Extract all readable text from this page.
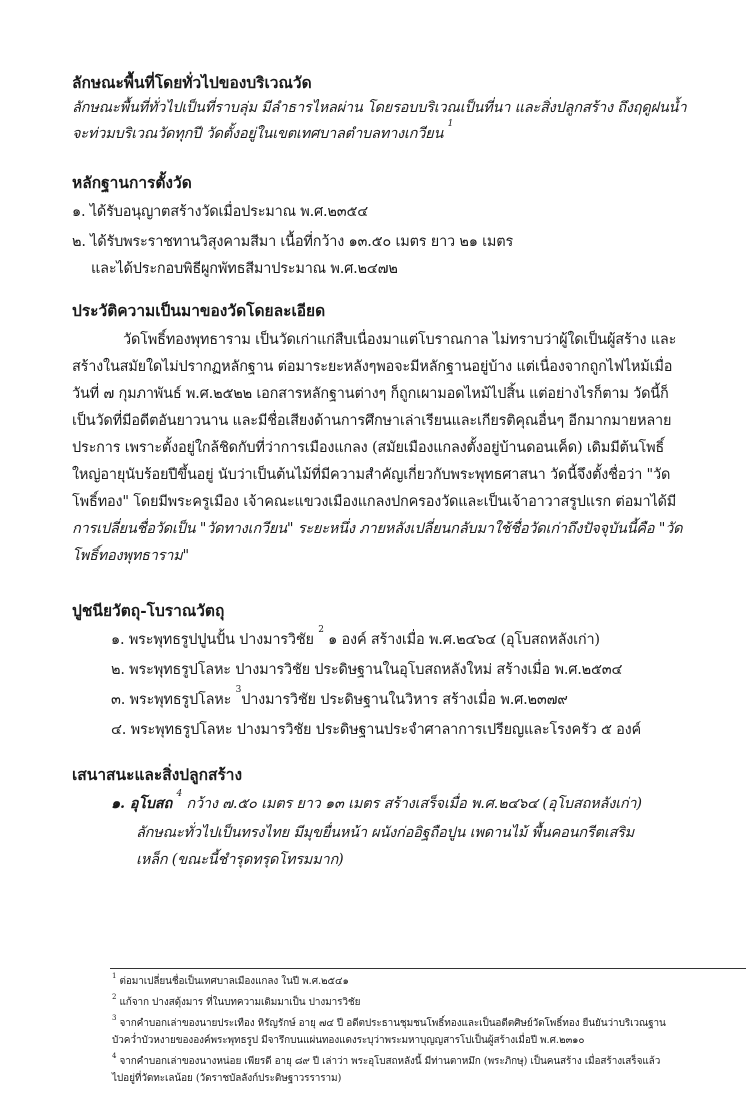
ลักษณะพื้นที่โดยทั่วไปของบริเวณวัด
ลักษณะพื้นที่ทั่วไปเป็นที่ราบลุ่ม มีลำธารไหลผ่าน โดยรอบบริเวณเป็นที่นา และสิ่งปลูกสร้าง ถึงฤดูฝนน้ำ
จะท่วมบริเวณวัดทุกปี วัดตั้งอยู่ในเขตเทศบาลตำบลทางเกวียน $^1$
หลักฐานการตั้งวัด
๑. ได้รับอนุญาตสร้างวัดเมื่อประมาณ พ.ศ.๒๓๕๔
๒. ได้รับพระราชทานวิสุงคามสีมา เนื้อที่กว้าง ๑๓.๕๐ เมตร ยาว ๒๑ เมตร
และได้ประกอบพิธีผูกพัทธสีมาประมาณ พ.ศ.๒๔๗๒
ประวัติความเป็นมาของวัดโดยละเอียด
วัดโพธิ์ทองพุทธาราม เป็นวัดเก่าแก่สืบเนื่องมาแต่โบราณกาล ไม่ทราบว่าผู้ใดเป็นผู้สร้าง และ
สร้างในสมัยใดไม่ปรากฏหลักฐาน ต่อมาระยะหลังๆพอจะมีหลักฐานอยู่บ้าง แต่เนื่องจากถูกไฟไหม้เมื่อ
วันที่ ๗ กุมภาพันธ์ พ.ศ.๒๕๒๒ เอกสารหลักฐานต่างๆ ก็ถูกเผามอดไหม้ไปสิ้น แต่อย่างไรก็ตาม วัดนี้ก็
เป็นวัดที่มีอดีตอันยาวนาน และมีชื่อเสียงด้านการศึกษาเล่าเรียนและเกียรติคุณอื่นๆ อีกมากมายหลาย
ประการ เพราะตั้งอยู่ใกล้ชิดกับที่ว่าการเมืองแกลง (สมัยเมืองแกลงตั้งอยู่บ้านดอนเค็ด) เดิมมีต้นโพธิ์
ใหญ่อายุนับร้อยปีขึ้นอยู่ นับว่าเป็นต้นไม้ที่มีความสำคัญเกี่ยวกับพระพุทธศาสนา วัดนี้จึงตั้งชื่อว่า "วัด
โพธิ์ทอง" โดยมีพระครูเมือง เจ้าคณะแขวงเมืองแกลงปกครองวัดและเป็นเจ้าอาวาสรูปแรก ต่อมาได้มี
การเปลี่ยนชื่อวัดเป็น "วัดทางเกวียน" ระยะหนึ่ง ภายหลังเปลี่ยนกลับมาใช้ชื่อวัดเก่าถึงปัจจุบันนี้คือ "วัด
โพธิ์ทองพุทธาราม"
ปูชนียวัตถุ-โบราณวัตถุ
๑. พระพุทธรูปปูนปั้น ปางมารวิชัย $^2$ ๑ องค์ สร้างเมื่อ พ.ศ.๒๔๖๔ (อุโบสถหลังเก่า)
๒. พระพุทธรูปโลหะ ปางมารวิชัย ประดิษฐานในอุโบสถหลังใหม่ สร้างเมื่อ พ.ศ.๒๕๓๔
๓. พระพุทธรูปโลหะ $^3$ปางมารวิชัย ประดิษฐานในวิหาร สร้างเมื่อ พ.ศ.๒๓๗๙
๔. พระพุทธรูปโลหะ ปางมารวิชัย ประดิษฐานประจำศาลาการเปรียญและโรงครัว ๕ องค์
เสนาสนะและสิ่งปลูกสร้าง
๑. อุโบสถ $^4$ กว้าง ๗.๕๐ เมตร ยาว ๑๓ เมตร สร้างเสร็จเมื่อ พ.ศ.๒๔๖๔ (อุโบสถหลังเก่า)
ลักษณะทั่วไปเป็นทรงไทย มีมุขยื่นหน้า ผนังก่ออิฐถือปูน เพดานไม้ พื้นคอนกรีตเสริม
เหล็ก (ขณะนี้ชำรุดทรุดโทรมมาก)
$^1$ ต่อมาเปลี่ยนชื่อเป็นเทศบาลเมืองแกลง ในปี พ.ศ.๒๕๔๑
$^2$ แก้จาก ปางสดุ้งมาร ที่ในบทความเดิมมาเป็น ปางมารวิชัย
$^3$ จากคำบอกเล่าของนายประเทือง หิรัญรักษ์ อายุ ๗๔ ปี อดีตประธานชุมชนโพธิ์ทองและเป็นอดีตศิษย์วัดโพธิ์ทอง ยืนยันว่าบริเวณฐาน
บัวคว่ำบัวหงายขององค์พระพุทธรูป มีจารึกบนแผ่นทองแดงระบุว่าพระมหาบุญญสารโปเป็นผู้สร้างเมื่อปี พ.ศ.๒๓๑๐
$^4$ จากคำบอกเล่าของนางหน่อย เพียรดี อายุ ๘๙ ปี เล่าว่า พระอุโบสถหลังนี้ มีท่านตาหมึก (พระภิกษุ) เป็นคนสร้าง เมื่อสร้างเสร็จแล้ว
ไปอยู่ที่วัดทะเลน้อย (วัดราชบัลลังก์ประดิษฐาวรราราม)
